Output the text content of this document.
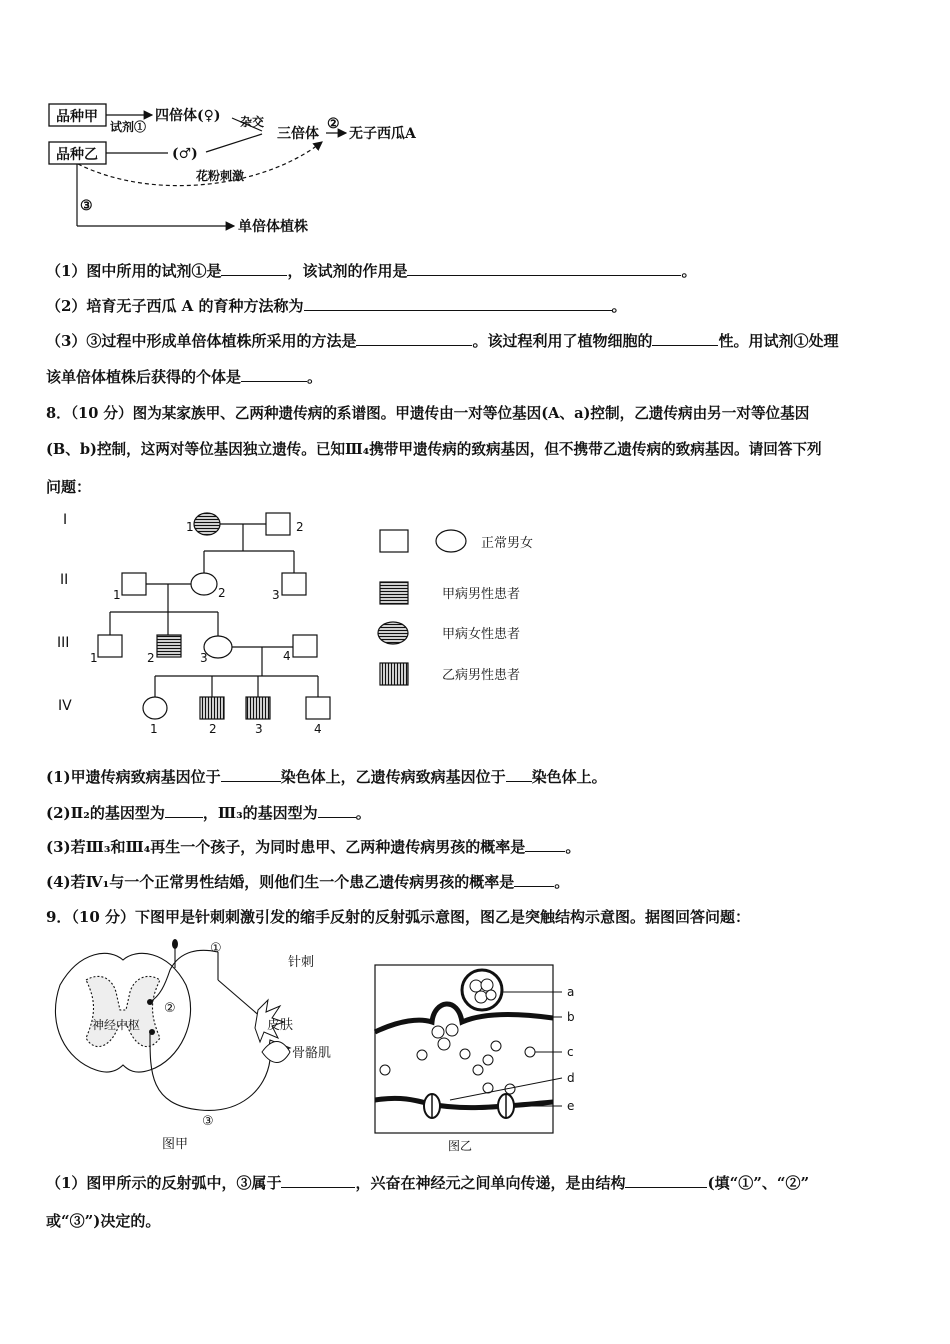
品种甲
品种乙
试剂①
四倍体(♀)
(♂)
杂交
三倍体
②
无子西瓜A
花粉刺激
③
单倍体植株
（1）图中所用的试剂①是	，该试剂的作用是	。
（2）培育无子西瓜 A 的育种方法称为	。
（3）③过程中形成单倍体植株所采用的方法是	。该过程利用了植物细胞的	性。用试剂①处理
该单倍体植株后获得的个体是	。
8．（10 分）图为某家族甲、乙两种遗传病的系谱图。甲遗传由一对等位基因(A、a)控制，乙遗传病由另一对等位基因
(B、b)控制，这两对等位基因独立遗传。已知Ⅲ₄携带甲遗传病的致病基因，但不携带乙遗传病的致病基因。请回答下列
问题：
I
II
III
IV
1	2
1	2	3
1	2	3	4
1	2	3	4
正常男女
甲病男性患者
甲病女性患者
乙病男性患者
(1)甲遗传病致病基因位于	染色体上，乙遗传病致病基因位于 染色体上。
(2)Ⅱ₂的基因型为	，Ⅲ₃的基因型为	。
(3)若Ⅲ₃和Ⅲ₄再生一个孩子，为同时患甲、乙两种遗传病男孩的概率是	。
(4)若Ⅳ₁与一个正常男性结婚，则他们生一个患乙遗传病男孩的概率是	。
9．（10 分）下图甲是针刺刺激引发的缩手反射的反射弧示意图，图乙是突触结构示意图。据图回答问题：
①
针刺
②
神经中枢
骨骼肌
③
图甲
皮肤
a
b
c
d
e
图乙
（1）图甲所示的反射弧中，③属于	，兴奋在神经元之间单向传递，是由结构	(填“①”、“②”
或“③”)决定的。
